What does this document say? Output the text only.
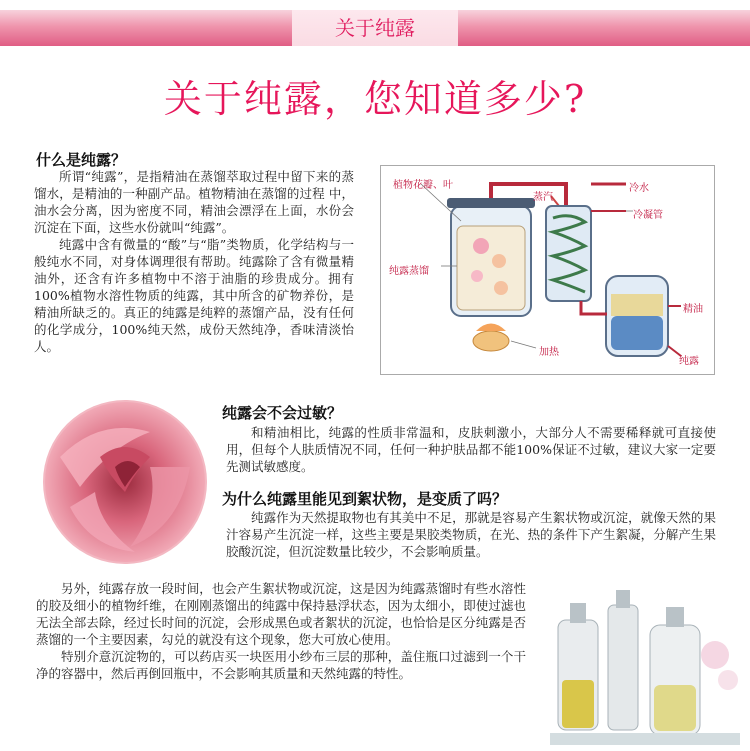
关于纯露
关于纯露，您知道多少?
什么是纯露？

所谓“纯露”，是指精油在蒸馏萃取过程中留下来的蒸馏水，是精油的一种副产品。植物精油在蒸馏的过程 中，油水会分离，因为密度不同，精油会漂浮在上面，水份会沉淀在下面，这些水份就叫“纯露”。

纯露中含有微量的“酸”与“脂”类物质，化学结构与一般纯水不同，对身体调理很有帮助。纯露除了含有微量精油外，还含有许多植物中不溶于油脂的珍贵成分。拥有100%植物水溶性物质的纯露，其中所含的矿物养份，是精油所缺乏的。真正的纯露是纯粹的蒸馏产品，没有任何的化学成分，100%纯天然，成份天然纯净，香味清淡怡人。

植物花瓣、叶
蒸汽
冷水
冷凝管
纯露蒸馏
精油
加热
纯露
纯露会不会过敏？

和精油相比，纯露的性质非常温和，皮肤刺激小，大部分人不需要稀释就可直接使用，但每个人肤质情况不同，任何一种护肤品都不能100%保证不过敏，建议大家一定要先测试敏感度。

为什么纯露里能见到絮状物，是变质了吗？

纯露作为天然提取物也有其美中不足，那就是容易产生絮状物或沉淀，就像天然的果汁容易产生沉淀一样，这些主要是果胶类物质，在光、热的条件下产生絮凝，分解产生果胶酸沉淀，但沉淀数量比较少，不会影响质量。

另外，纯露存放一段时间，也会产生絮状物或沉淀，这是因为纯露蒸馏时有些水溶性的胶及细小的植物纤维，在刚刚蒸馏出的纯露中保持悬浮状态，因为太细小，即使过滤也无法全部去除，经过长时间的沉淀，会形成黑色或者絮状的沉淀，也恰恰是区分纯露是否蒸馏的一个主要因素，勾兑的就没有这个现象，您大可放心使用。

特别介意沉淀物的，可以药店买一块医用小纱布三层的那种，盖住瓶口过滤到一个干净的容器中，然后再倒回瓶中，不会影响其质量和天然纯露的特性。
